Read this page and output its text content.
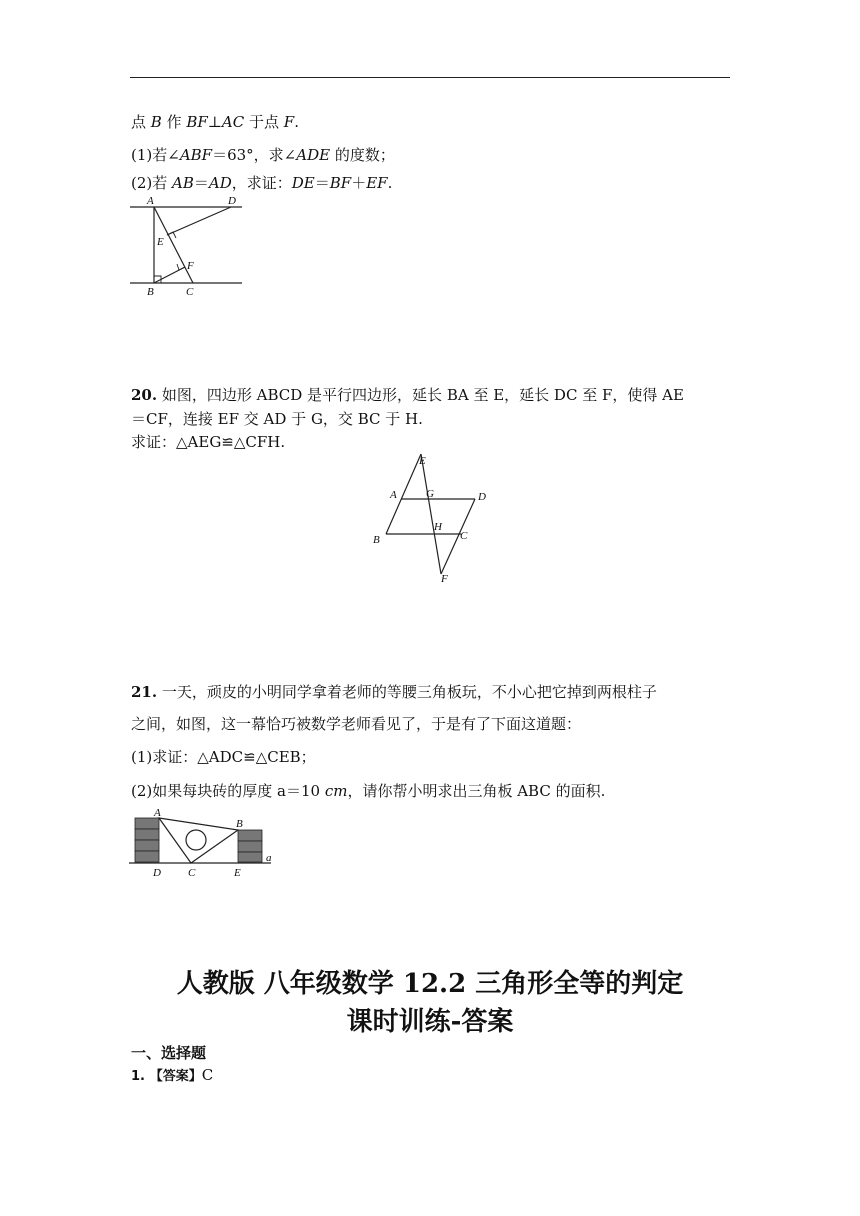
点 B 作 BF⊥AC 于点 F.
(1)若∠ABF＝63°，求∠ADE 的度数；
(2)若 AB＝AD，求证：DE＝BF＋EF.
A	D
E
F
B	C
20. 如图，四边形 ABCD 是平行四边形，延长 BA 至 E，延长 DC 至 F，使得 AE
＝CF，连接 EF 交 AD 于 G，交 BC 于 H.
求证：△AEG≌△CFH.
E
A	G	D
H
B	C
F
21. 一天，顽皮的小明同学拿着老师的等腰三角板玩，不小心把它掉到两根柱子
之间，如图，这一幕恰巧被数学老师看见了，于是有了下面这道题：
(1)求证：△ADC≌△CEB；
(2)如果每块砖的厚度 a＝10 cm，请你帮小明求出三角板 ABC 的面积.
A
B
a
D C	E
人教版 八年级数学 12.2 三角形全等的判定
课时训练-答案
一、选择题
1. 【答案】C
